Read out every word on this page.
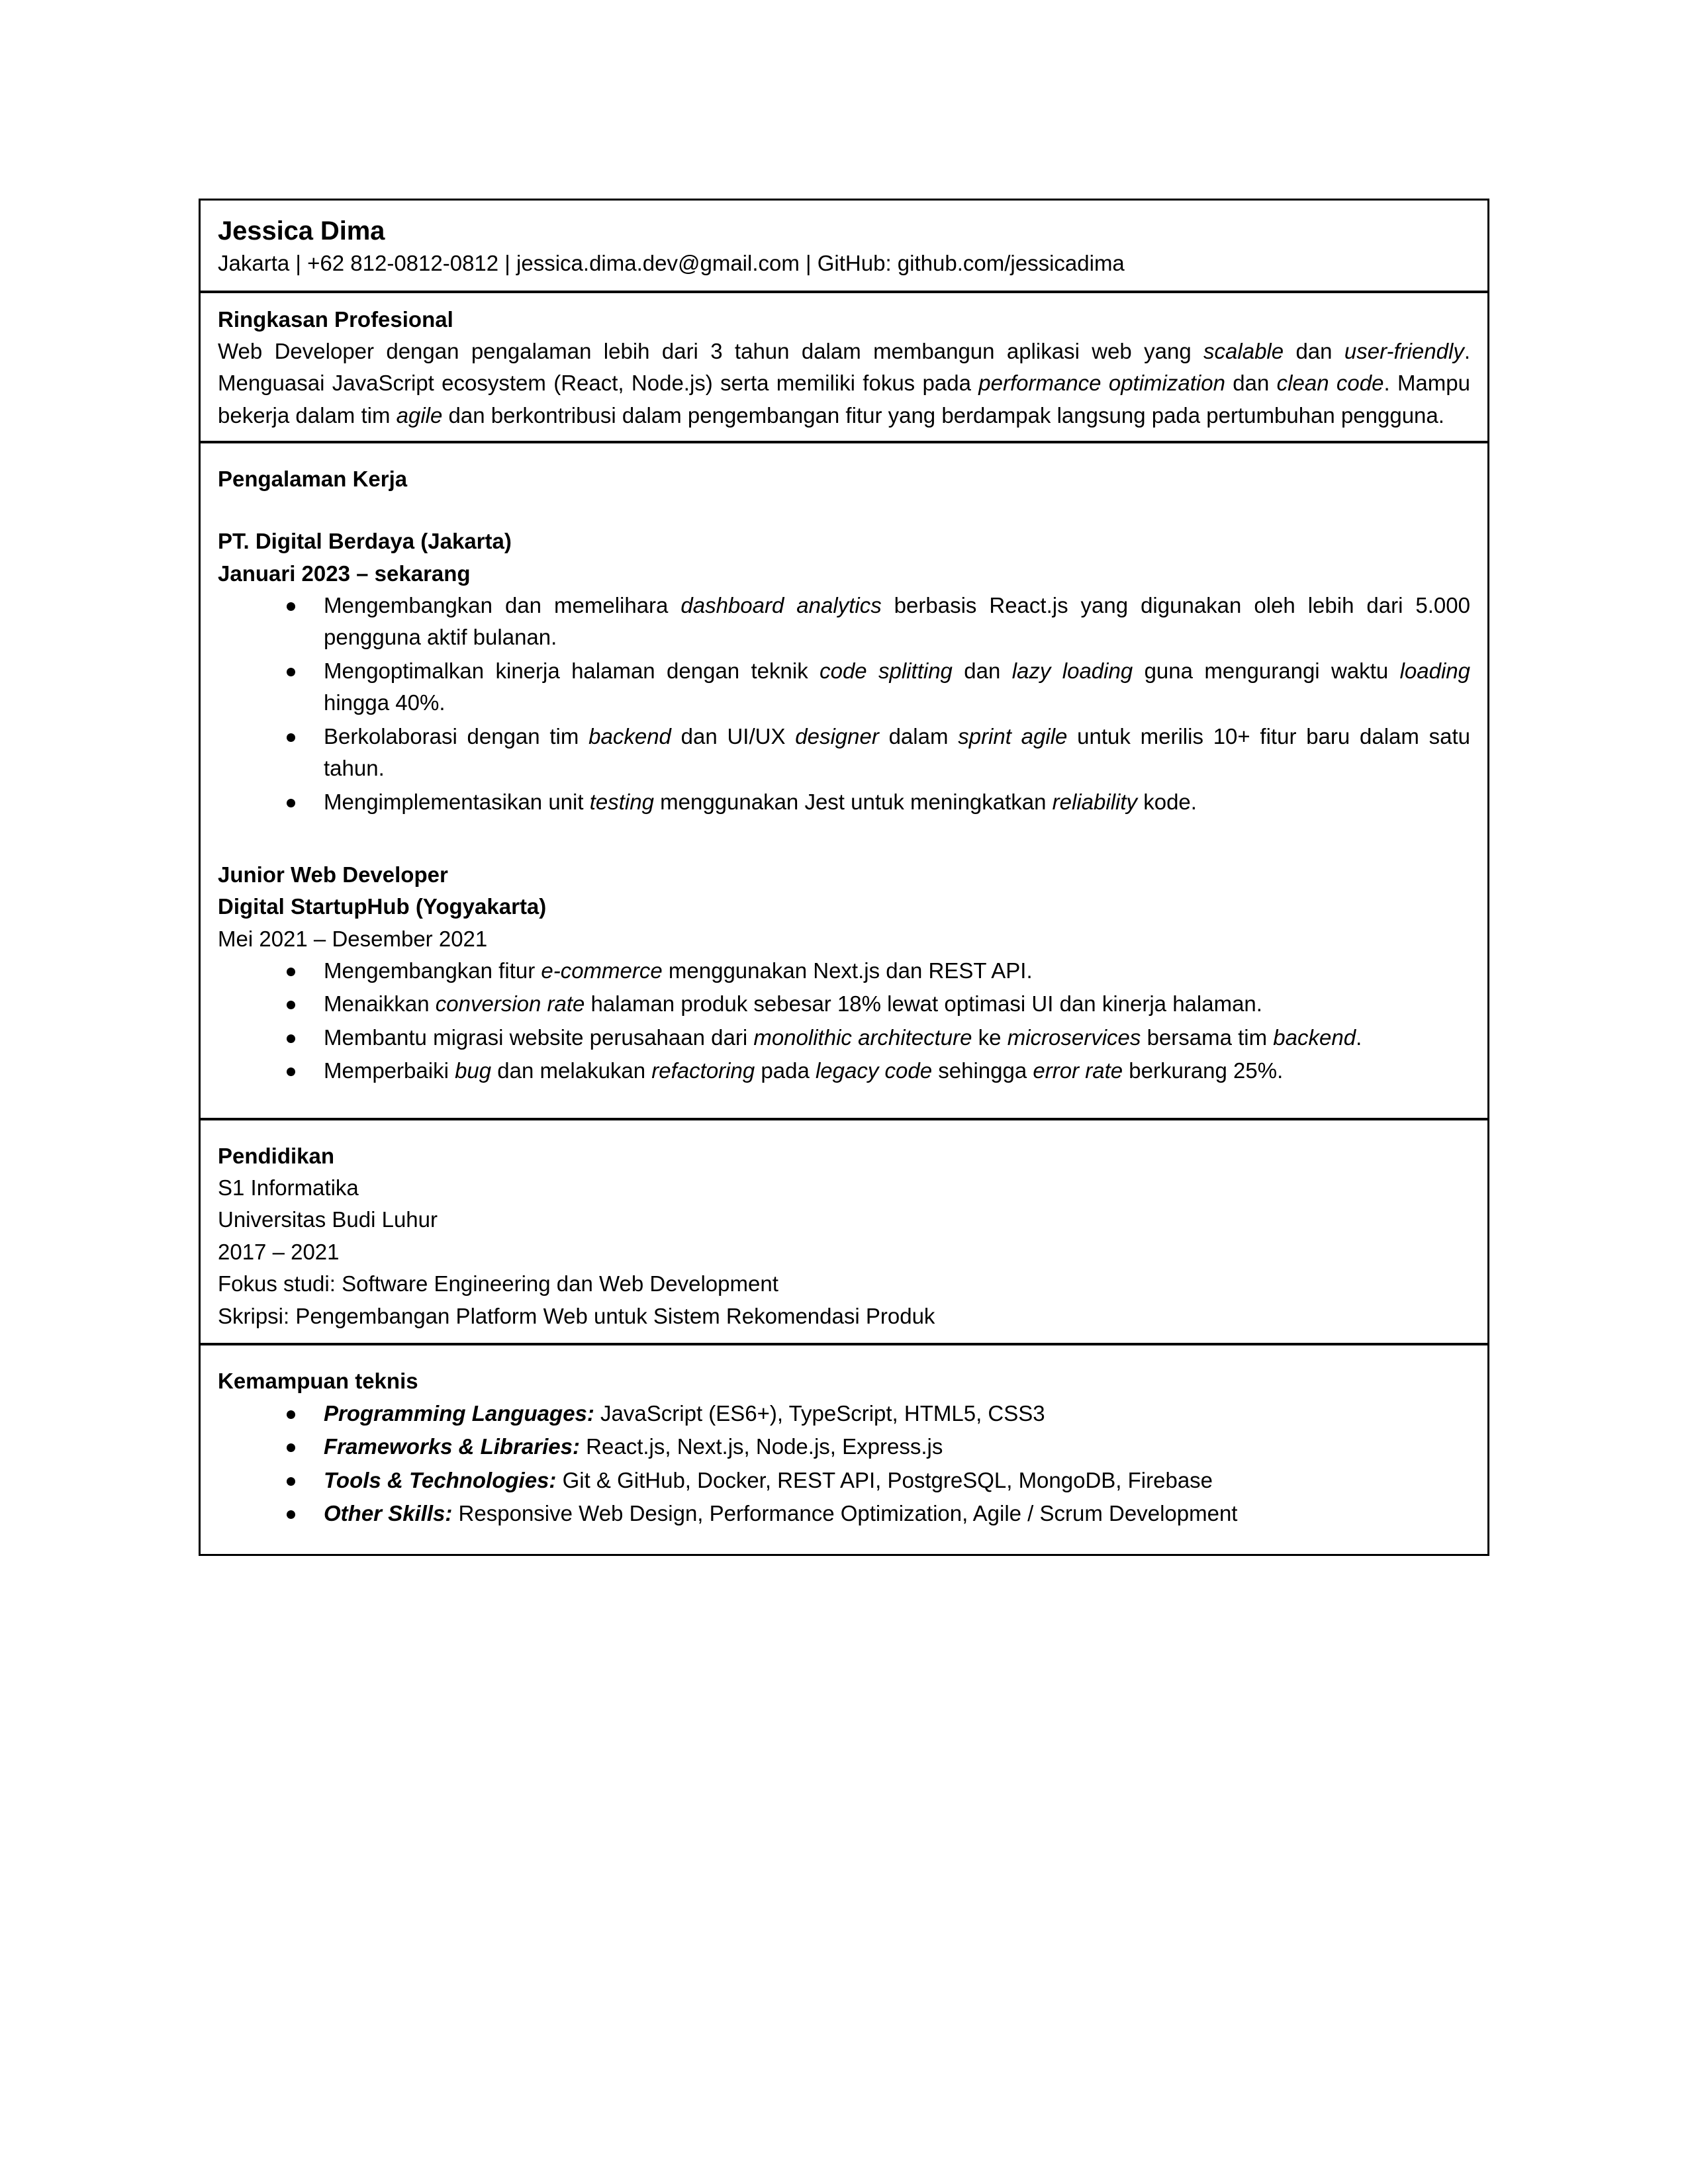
Jessica Dima
Jakarta | +62 812-0812-0812 | jessica.dima.dev@gmail.com | GitHub: github.com/jessicadima
Ringkasan Profesional
Web Developer dengan pengalaman lebih dari 3 tahun dalam membangun aplikasi web yang scalable dan user-friendly. Menguasai JavaScript ecosystem (React, Node.js) serta memiliki fokus pada performance optimization dan clean code. Mampu bekerja dalam tim agile dan berkontribusi dalam pengembangan fitur yang berdampak langsung pada pertumbuhan pengguna.
Pengalaman Kerja
PT. Digital Berdaya (Jakarta)
Januari 2023 – sekarang
Mengembangkan dan memelihara dashboard analytics berbasis React.js yang digunakan oleh lebih dari 5.000 pengguna aktif bulanan.
Mengoptimalkan kinerja halaman dengan teknik code splitting dan lazy loading guna mengurangi waktu loading hingga 40%.
Berkolaborasi dengan tim backend dan UI/UX designer dalam sprint agile untuk merilis 10+ fitur baru dalam satu tahun.
Mengimplementasikan unit testing menggunakan Jest untuk meningkatkan reliability kode.
Junior Web Developer
Digital StartupHub (Yogyakarta)
Mei 2021 – Desember 2021
Mengembangkan fitur e-commerce menggunakan Next.js dan REST API.
Menaikkan conversion rate halaman produk sebesar 18% lewat optimasi UI dan kinerja halaman.
Membantu migrasi website perusahaan dari monolithic architecture ke microservices bersama tim backend.
Memperbaiki bug dan melakukan refactoring pada legacy code sehingga error rate berkurang 25%.
Pendidikan
S1 Informatika
Universitas Budi Luhur
2017 – 2021
Fokus studi: Software Engineering dan Web Development
Skripsi: Pengembangan Platform Web untuk Sistem Rekomendasi Produk
Kemampuan teknis
Programming Languages: JavaScript (ES6+), TypeScript, HTML5, CSS3
Frameworks & Libraries: React.js, Next.js, Node.js, Express.js
Tools & Technologies: Git & GitHub, Docker, REST API, PostgreSQL, MongoDB, Firebase
Other Skills: Responsive Web Design, Performance Optimization, Agile / Scrum Development
